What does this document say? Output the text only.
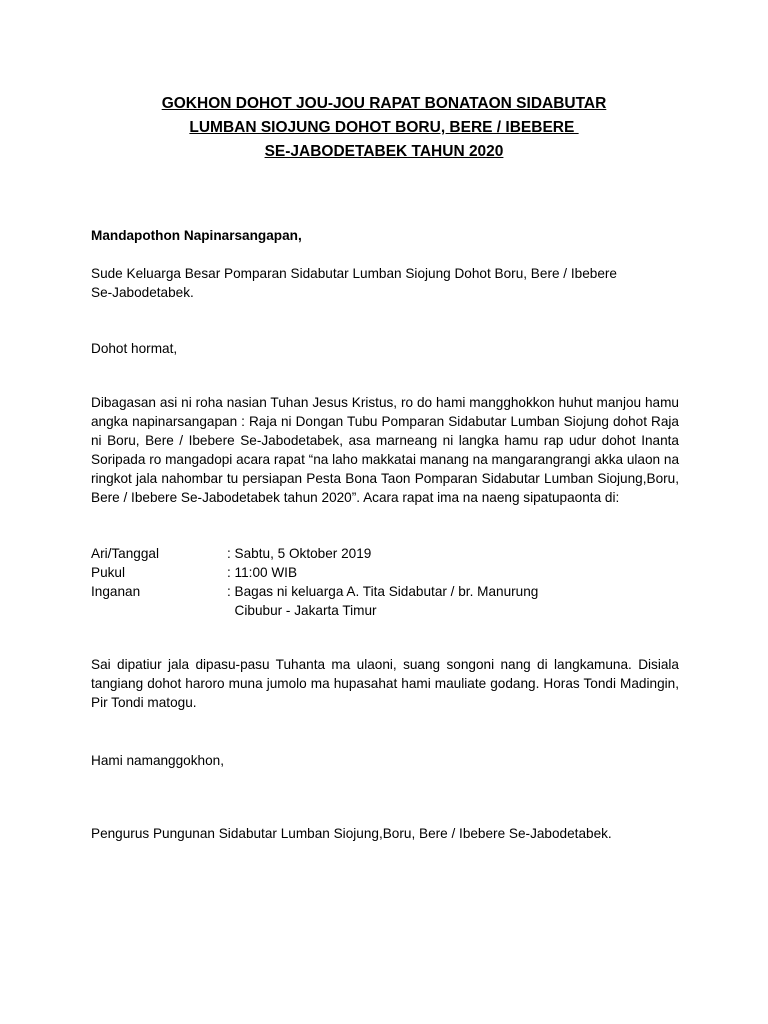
GOKHON DOHOT JOU-JOU RAPAT BONATAON SIDABUTAR
LUMBAN SIOJUNG DOHOT BORU, BERE / IBEBERE
SE-JABODETABEK TAHUN 2020
Mandapothon Napinarsangapan,
Sude Keluarga Besar Pomparan Sidabutar Lumban Siojung Dohot Boru, Bere / Ibebere
Se-Jabodetabek.
Dohot hormat,
Dibagasan asi ni roha nasian Tuhan Jesus Kristus, ro do hami mangghokkon huhut manjou hamu angka napinarsangapan : Raja ni Dongan Tubu Pomparan Sidabutar Lumban Siojung dohot Raja ni Boru, Bere / Ibebere Se-Jabodetabek, asa marneang ni langka hamu rap udur dohot Inanta Soripada ro mangadopi acara rapat “na laho makkatai manang na mangarangrangi akka ulaon na ringkot jala nahombar tu persiapan Pesta Bona Taon Pomparan Sidabutar Lumban Siojung,Boru, Bere / Ibebere Se-Jabodetabek tahun 2020”. Acara rapat ima na naeng sipatupaonta di:
Ari/Tanggal	: Sabtu, 5 Oktober 2019
Pukul	: 11:00 WIB
Inganan	: Bagas ni keluarga A. Tita Sidabutar / br. Manurung
Cibubur - Jakarta Timur
Sai dipatiur jala dipasu-pasu Tuhanta ma ulaoni, suang songoni nang di langkamuna. Disiala tangiang dohot haroro muna jumolo ma hupasahat hami mauliate godang. Horas Tondi Madingin, Pir Tondi matogu.
Hami namanggokhon,
Pengurus Pungunan Sidabutar Lumban Siojung,Boru, Bere / Ibebere Se-Jabodetabek.
